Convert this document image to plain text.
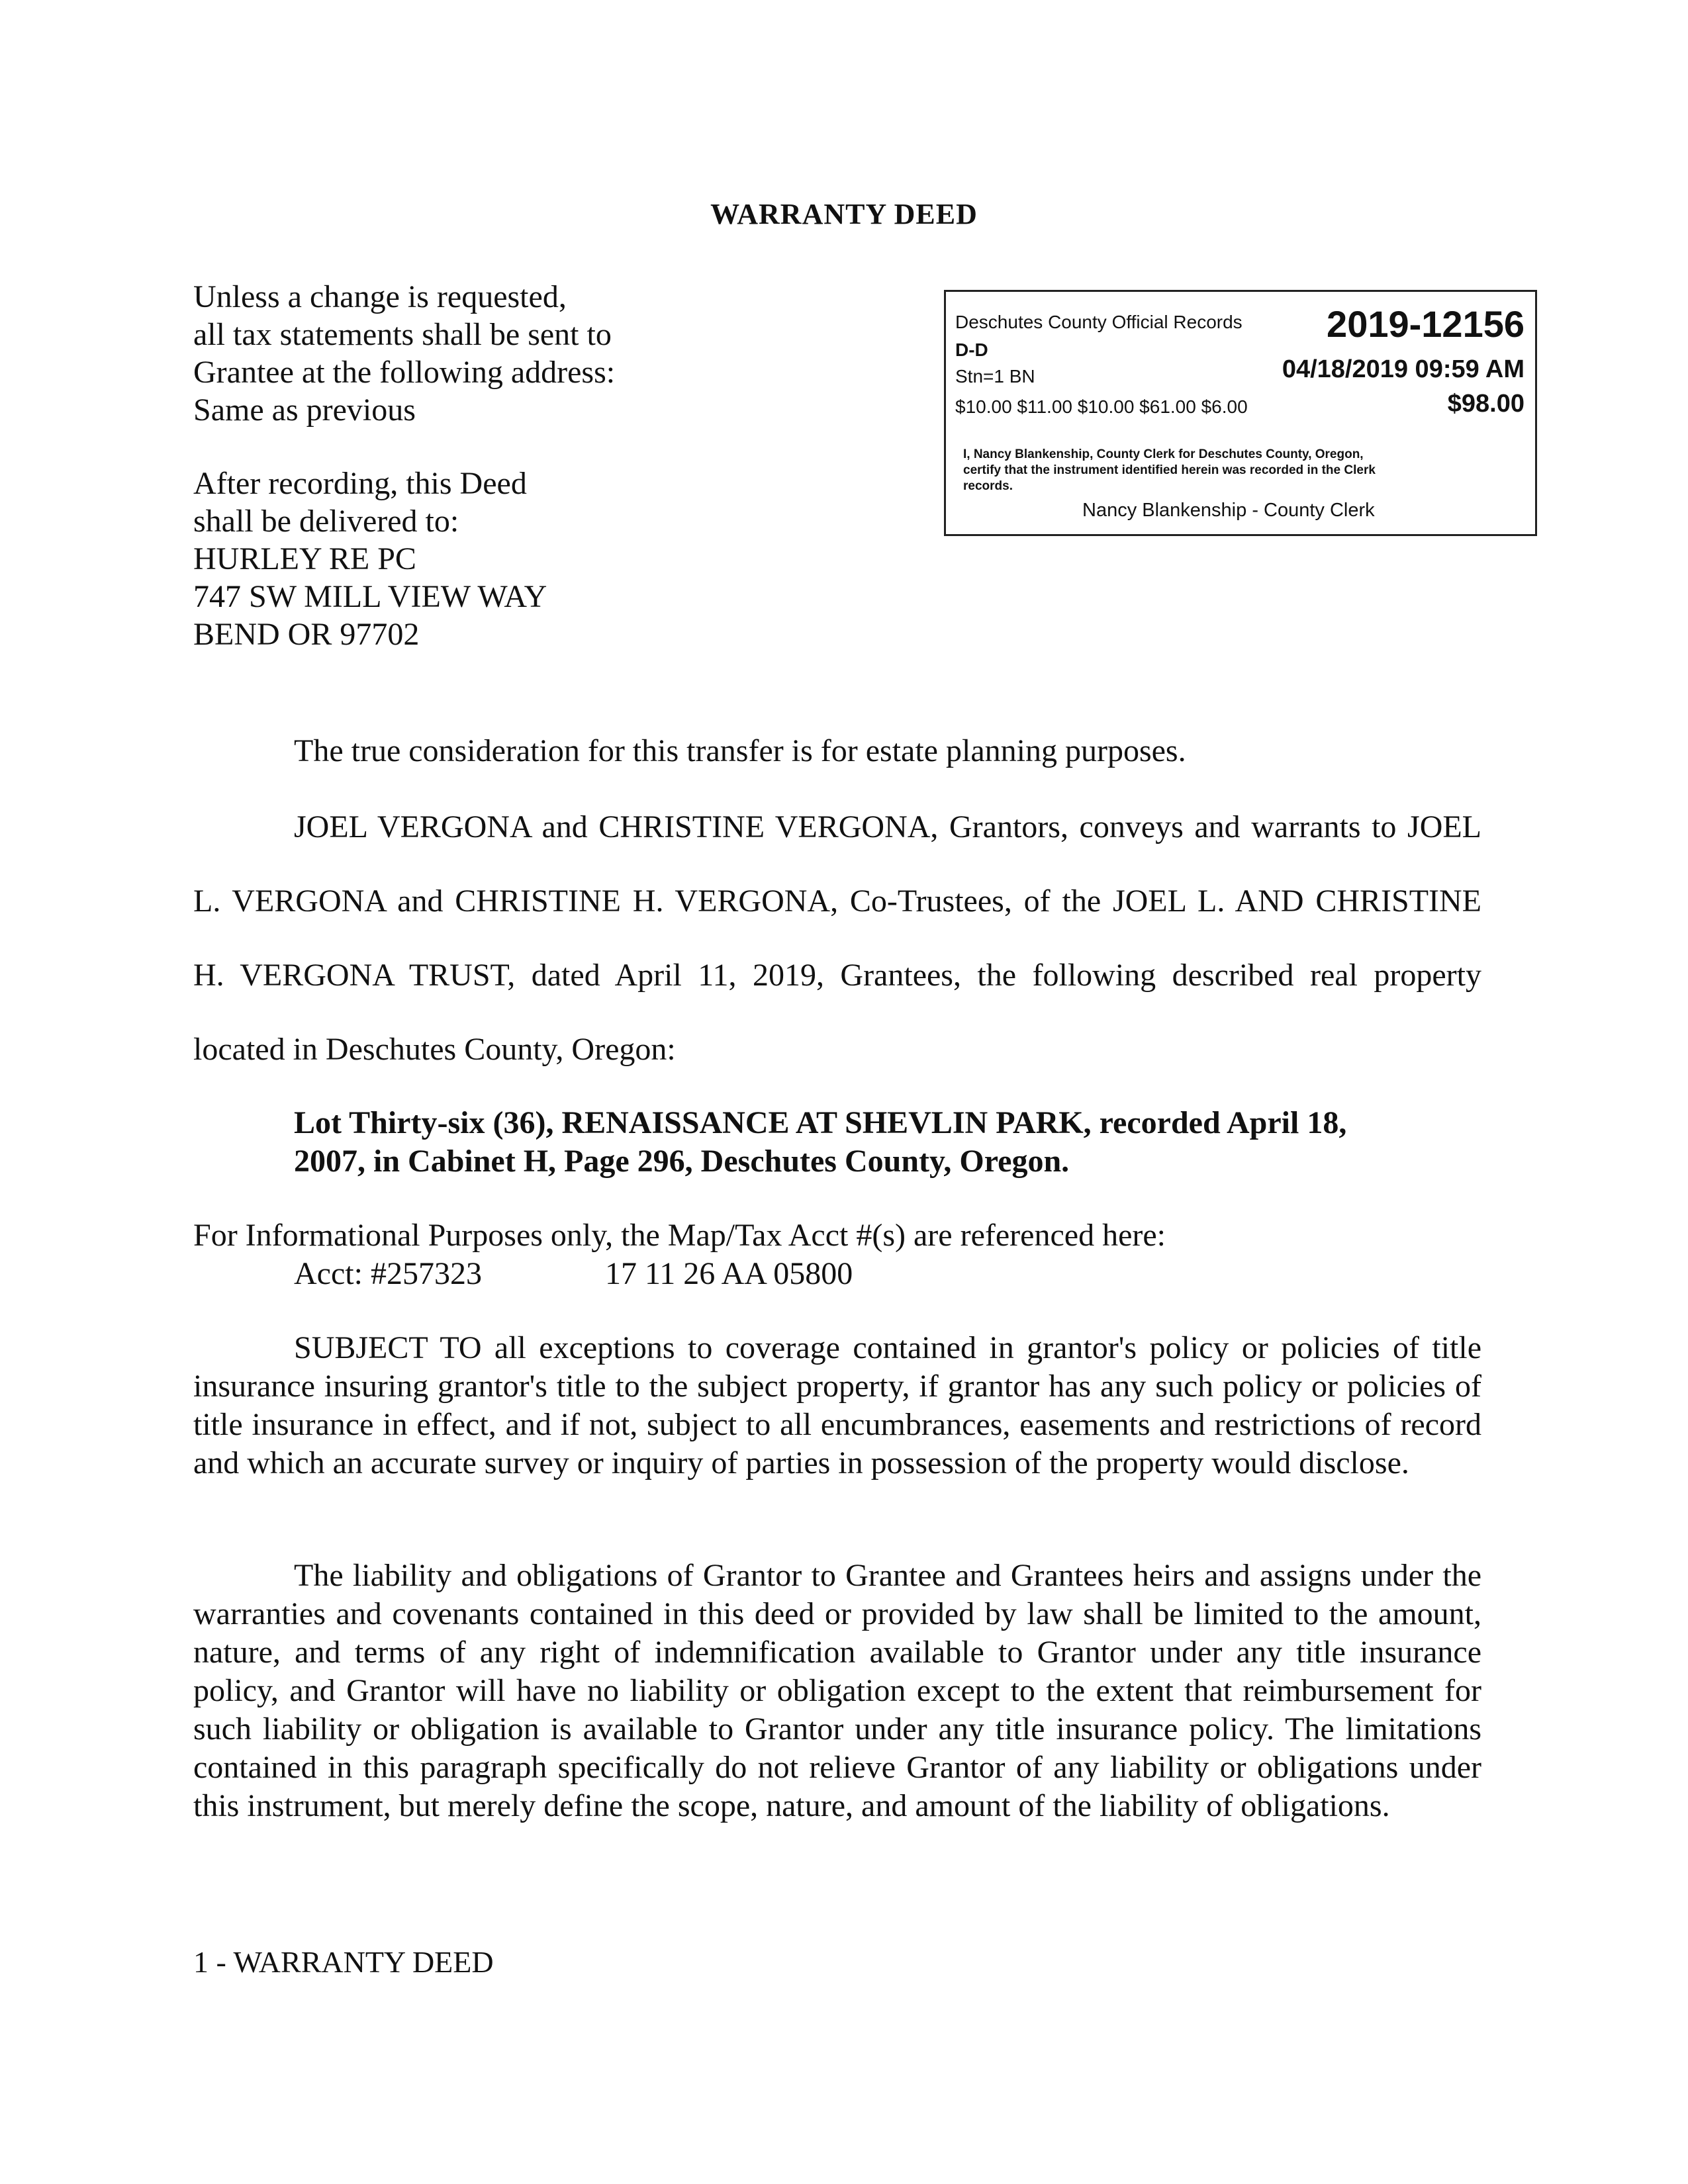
WARRANTY DEED
Unless a change is requested,
all tax statements shall be sent to
Grantee at the following address:
Same as previous
After recording, this Deed
shall be delivered to:
HURLEY RE PC
747 SW MILL VIEW WAY
BEND OR 97702
Deschutes County Official Records 2019-12156
D-D
Stn=1 BN	04/18/2019 09:59 AM
$10.00 $11.00 $10.00 $61.00 $6.00	$98.00
I, Nancy Blankenship, County Clerk for Deschutes County, Oregon,
certify that the instrument identified herein was recorded in the Clerk
records.
Nancy Blankenship - County Clerk
The true consideration for this transfer is for estate planning purposes.
JOEL VERGONA and CHRISTINE VERGONA, Grantors, conveys and warrants to JOEL
L. VERGONA and CHRISTINE H. VERGONA, Co-Trustees, of the JOEL L. AND CHRISTINE
H. VERGONA TRUST, dated April 11, 2019, Grantees, the following described real property
located in Deschutes County, Oregon:
Lot Thirty-six (36), RENAISSANCE AT SHEVLIN PARK, recorded April 18, 2007, in Cabinet H, Page 296, Deschutes County, Oregon.
For Informational Purposes only, the Map/Tax Acct #(s) are referenced here:
Acct: #257323	17 11 26 AA 05800
SUBJECT TO all exceptions to coverage contained in grantor's policy or policies of title insurance insuring grantor's title to the subject property, if grantor has any such policy or policies of title insurance in effect, and if not, subject to all encumbrances, easements and restrictions of record and which an accurate survey or inquiry of parties in possession of the property would disclose.
The liability and obligations of Grantor to Grantee and Grantees heirs and assigns under the warranties and covenants contained in this deed or provided by law shall be limited to the amount, nature, and terms of any right of indemnification available to Grantor under any title insurance policy, and Grantor will have no liability or obligation except to the extent that reimbursement for such liability or obligation is available to Grantor under any title insurance policy. The limitations contained in this paragraph specifically do not relieve Grantor of any liability or obligations under this instrument, but merely define the scope, nature, and amount of the liability of obligations.
1 - WARRANTY DEED
